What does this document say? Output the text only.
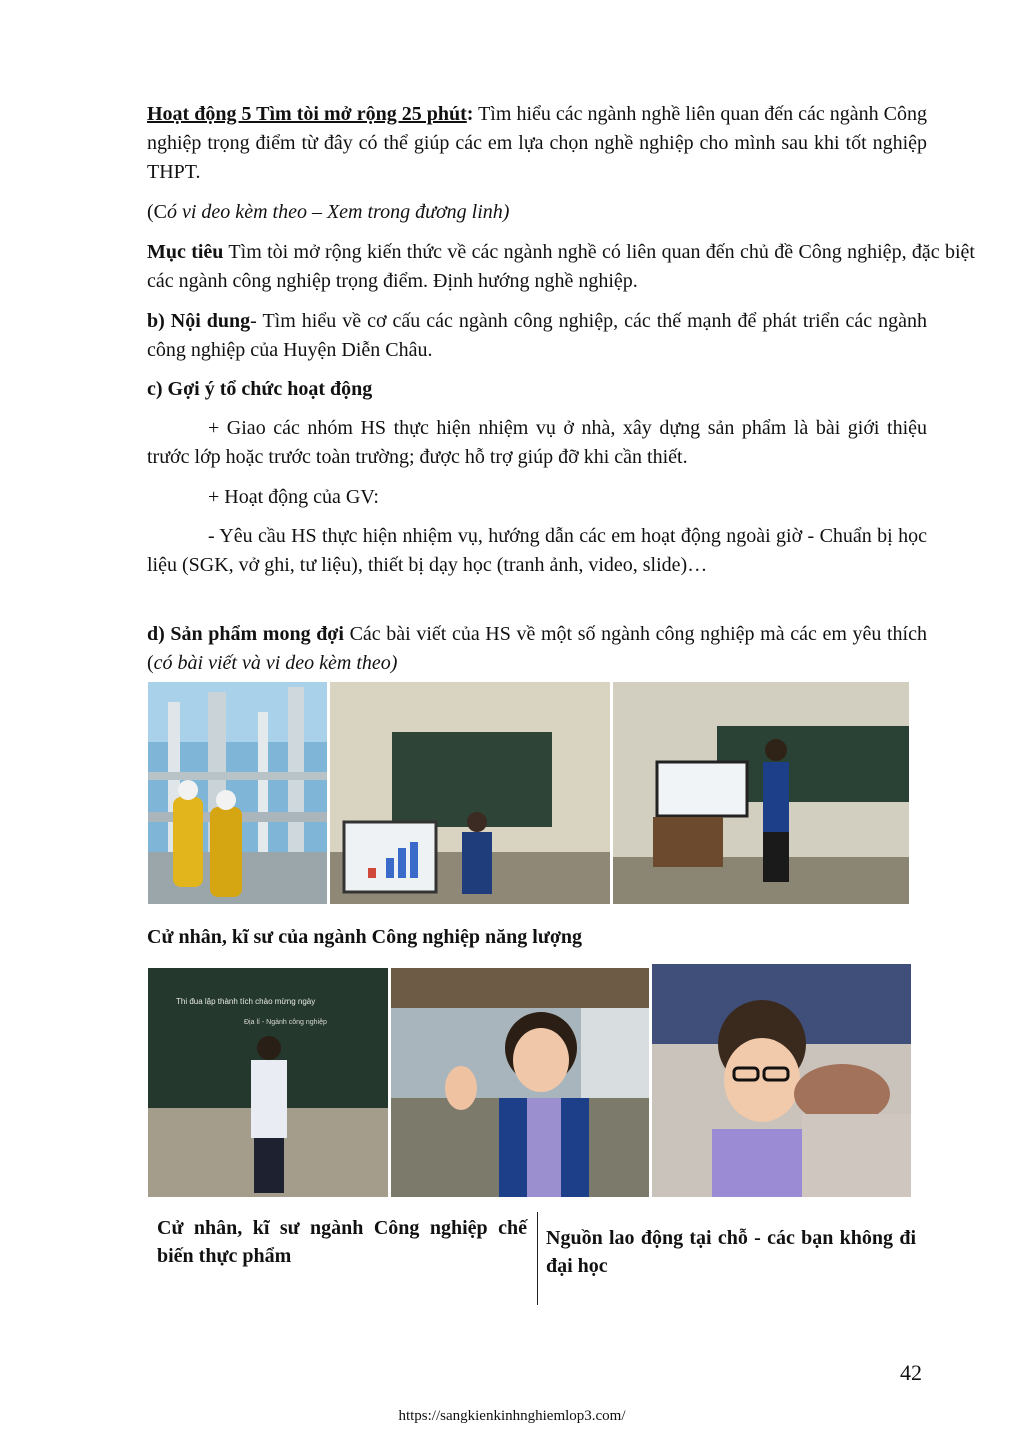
Hoạt động 5 Tìm tòi mở rộng 25 phút: Tìm hiểu các ngành nghề liên quan đến các ngành Công nghiệp trọng điểm từ đây có thể giúp các em lựa chọn nghề nghiệp cho mình sau khi tốt nghiệp THPT.

(Có vi deo kèm theo – Xem trong đương linh)

Mục tiêu Tìm tòi mở rộng kiến thức về các ngành nghề có liên quan đến chủ đề Công nghiệp, đặc biệt các ngành công nghiệp trọng điểm. Định hướng nghề nghiệp.

b) Nội dung- Tìm hiểu về cơ cấu các ngành công nghiệp, các thế mạnh để phát triển các ngành công nghiệp của Huyện Diễn Châu.

c) Gợi ý tổ chức hoạt động

+ Giao các nhóm HS thực hiện nhiệm vụ ở nhà, xây dựng sản phẩm là bài giới thiệu trước lớp hoặc trước toàn trường; được hỗ trợ giúp đỡ khi cần thiết.

+ Hoạt động của GV:

- Yêu cầu HS thực hiện nhiệm vụ, hướng dẫn các em hoạt động ngoài giờ - Chuẩn bị học liệu (SGK, vở ghi, tư liệu), thiết bị dạy học (tranh ảnh, video, slide)…

d) Sản phẩm mong đợi Các bài viết của HS về một số ngành công nghiệp mà các em yêu thích (có bài viết và vi deo kèm theo)

Cử nhân, kĩ sư của ngành Công nghiệp năng lượng

Thi đua lập thành tích chào mừng ngày
Địa lí - Ngành công nghiệp

Cử nhân, kĩ sư ngành Công nghiệp chế biến thực phẩm

Nguồn lao động tại chỗ - các bạn không đi đại học

42
https://sangkienkinhnghiemlop3.com/
